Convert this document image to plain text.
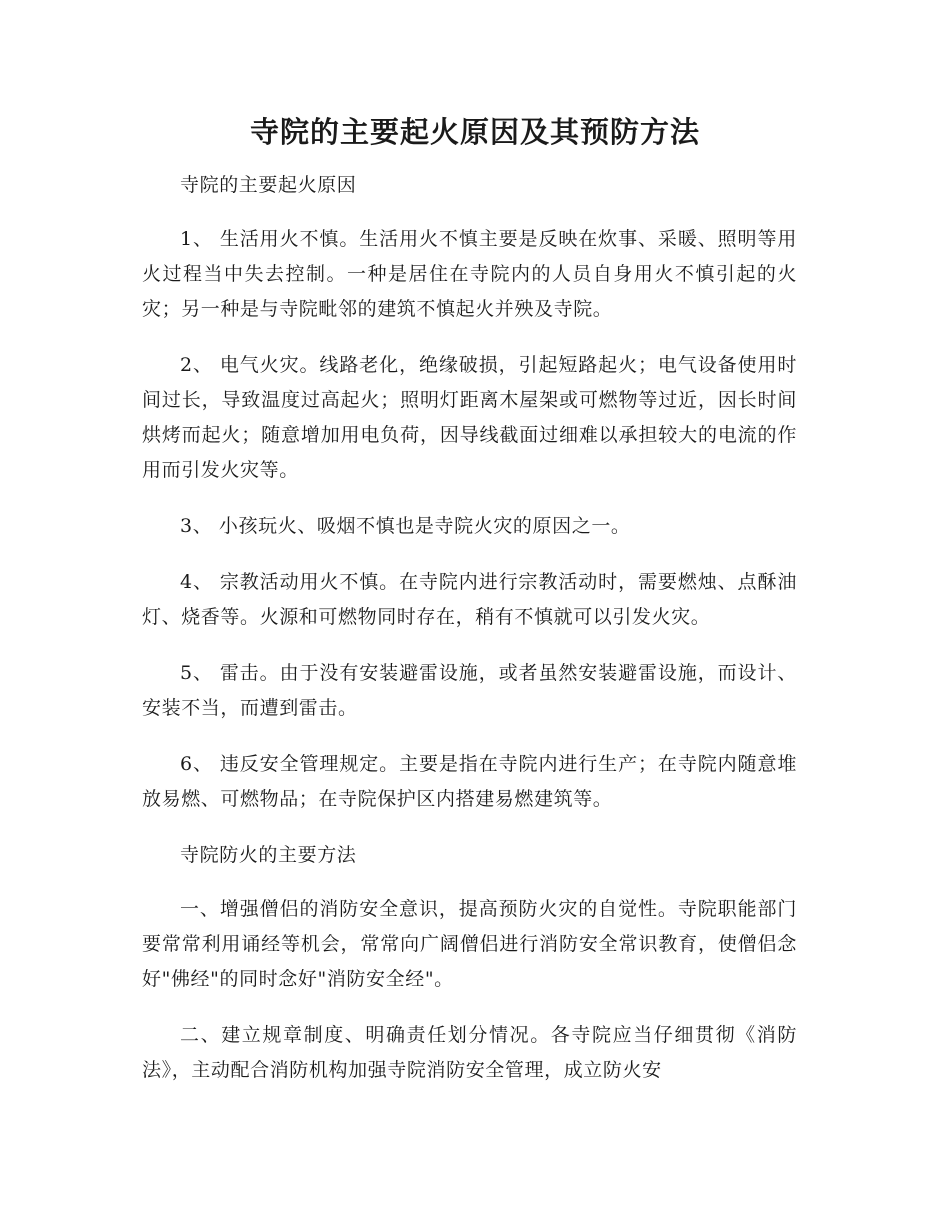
寺院的主要起火原因及其预防方法

寺院的主要起火原因

1、 生活用火不慎。生活用火不慎主要是反映在炊事、采暖、照明等用火过程当中失去控制。一种是居住在寺院内的人员自身用火不慎引起的火灾；另一种是与寺院毗邻的建筑不慎起火并殃及寺院。

2、 电气火灾。线路老化，绝缘破损，引起短路起火；电气设备使用时间过长，导致温度过高起火；照明灯距离木屋架或可燃物等过近，因长时间烘烤而起火；随意增加用电负荷，因导线截面过细难以承担较大的电流的作用而引发火灾等。

3、 小孩玩火、吸烟不慎也是寺院火灾的原因之一。

4、 宗教活动用火不慎。在寺院内进行宗教活动时，需要燃烛、点酥油灯、烧香等。火源和可燃物同时存在，稍有不慎就可以引发火灾。

5、 雷击。由于没有安装避雷设施，或者虽然安装避雷设施，而设计、安装不当，而遭到雷击。

6、 违反安全管理规定。主要是指在寺院内进行生产；在寺院内随意堆放易燃、可燃物品；在寺院保护区内搭建易燃建筑等。

寺院防火的主要方法

一、增强僧侣的消防安全意识，提高预防火灾的自觉性。寺院职能部门要常常利用诵经等机会，常常向广阔僧侣进行消防安全常识教育，使僧侣念好"佛经"的同时念好"消防安全经"。

二、建立规章制度、明确责任划分情况。各寺院应当仔细贯彻《消防法》，主动配合消防机构加强寺院消防安全管理，成立防火安
